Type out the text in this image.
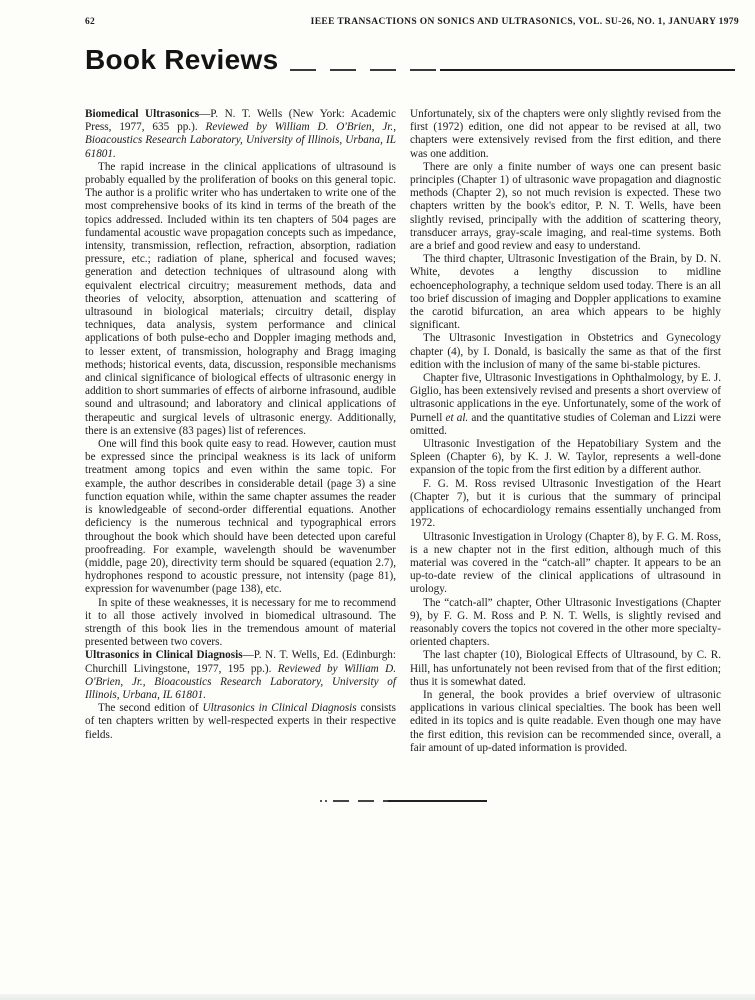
62	IEEE TRANSACTIONS ON SONICS AND ULTRASONICS, VOL. SU-26, NO. 1, JANUARY 1979
Book Reviews

Biomedical Ultrasonics—P. N. T. Wells (New York: Academic Press, 1977, 635 pp.). Reviewed by William D. O'Brien, Jr., Bioacoustics Research Laboratory, University of Illinois, Urbana, IL 61801.

The rapid increase in the clinical applications of ultrasound is probably equalled by the proliferation of books on this general topic. The author is a prolific writer who has undertaken to write one of the most comprehensive books of its kind in terms of the breath of the topics addressed. Included within its ten chapters of 504 pages are fundamental acoustic wave propagation concepts such as impedance, intensity, transmission, reflection, refraction, absorption, radiation pressure, etc.; radiation of plane, spherical and focused waves; generation and detection techniques of ultrasound along with equivalent electrical circuitry; measurement methods, data and theories of velocity, absorption, attenuation and scattering of ultrasound in biological materials; circuitry detail, display techniques, data analysis, system performance and clinical applications of both pulse-echo and Doppler imaging methods and, to lesser extent, of transmission, holography and Bragg imaging methods; historical events, data, discussion, responsible mechanisms and clinical significance of biological effects of ultrasonic energy in addition to short summaries of effects of airborne infrasound, audible sound and ultrasound; and laboratory and clinical applications of therapeutic and surgical levels of ultrasonic energy. Additionally, there is an extensive (83 pages) list of references.

One will find this book quite easy to read. However, caution must be expressed since the principal weakness is its lack of uniform treatment among topics and even within the same topic. For example, the author describes in considerable detail (page 3) a sine function equation while, within the same chapter assumes the reader is knowledgeable of second-order differential equations. Another deficiency is the numerous technical and typographical errors throughout the book which should have been detected upon careful proofreading. For example, wavelength should be wavenumber (middle, page 20), directivity term should be squared (equation 2.7), hydrophones respond to acoustic pressure, not intensity (page 81), expression for wavenumber (page 138), etc.

In spite of these weaknesses, it is necessary for me to recommend it to all those actively involved in biomedical ultrasound. The strength of this book lies in the tremendous amount of material presented between two covers.

Ultrasonics in Clinical Diagnosis—P. N. T. Wells, Ed. (Edinburgh: Churchill Livingstone, 1977, 195 pp.). Reviewed by William D. O'Brien, Jr., Bioacoustics Research Laboratory, University of Illinois, Urbana, IL 61801.

The second edition of Ultrasonics in Clinical Diagnosis consists of ten chapters written by well-respected experts in their respective fields.

Unfortunately, six of the chapters were only slightly revised from the first (1972) edition, one did not appear to be revised at all, two chapters were extensively revised from the first edition, and there was one addition.

There are only a finite number of ways one can present basic principles (Chapter 1) of ultrasonic wave propagation and diagnostic methods (Chapter 2), so not much revision is expected. These two chapters written by the book's editor, P. N. T. Wells, have been slightly revised, principally with the addition of scattering theory, transducer arrays, gray-scale imaging, and real-time systems. Both are a brief and good review and easy to understand.

The third chapter, Ultrasonic Investigation of the Brain, by D. N. White, devotes a lengthy discussion to midline echoencepholography, a technique seldom used today. There is an all too brief discussion of imaging and Doppler applications to examine the carotid bifurcation, an area which appears to be highly significant.

The Ultrasonic Investigation in Obstetrics and Gynecology chapter (4), by I. Donald, is basically the same as that of the first edition with the inclusion of many of the same bi-stable pictures.

Chapter five, Ultrasonic Investigations in Ophthalmology, by E. J. Giglio, has been extensively revised and presents a short overview of ultrasonic applications in the eye. Unfortunately, some of the work of Purnell et al. and the quantitative studies of Coleman and Lizzi were omitted.

Ultrasonic Investigation of the Hepatobiliary System and the Spleen (Chapter 6), by K. J. W. Taylor, represents a well-done expansion of the topic from the first edition by a different author.

F. G. M. Ross revised Ultrasonic Investigation of the Heart (Chapter 7), but it is curious that the summary of principal applications of echocardiology remains essentially unchanged from 1972.

Ultrasonic Investigation in Urology (Chapter 8), by F. G. M. Ross, is a new chapter not in the first edition, although much of this material was covered in the “catch-all” chapter. It appears to be an up-to-date review of the clinical applications of ultrasound in urology.

The “catch-all” chapter, Other Ultrasonic Investigations (Chapter 9), by F. G. M. Ross and P. N. T. Wells, is slightly revised and reasonably covers the topics not covered in the other more specialty-oriented chapters.

The last chapter (10), Biological Effects of Ultrasound, by C. R. Hill, has unfortunately not been revised from that of the first edition; thus it is somewhat dated.

In general, the book provides a brief overview of ultrasonic applications in various clinical specialties. The book has been well edited in its topics and is quite readable. Even though one may have the first edition, this revision can be recommended since, overall, a fair amount of up-dated information is provided.
